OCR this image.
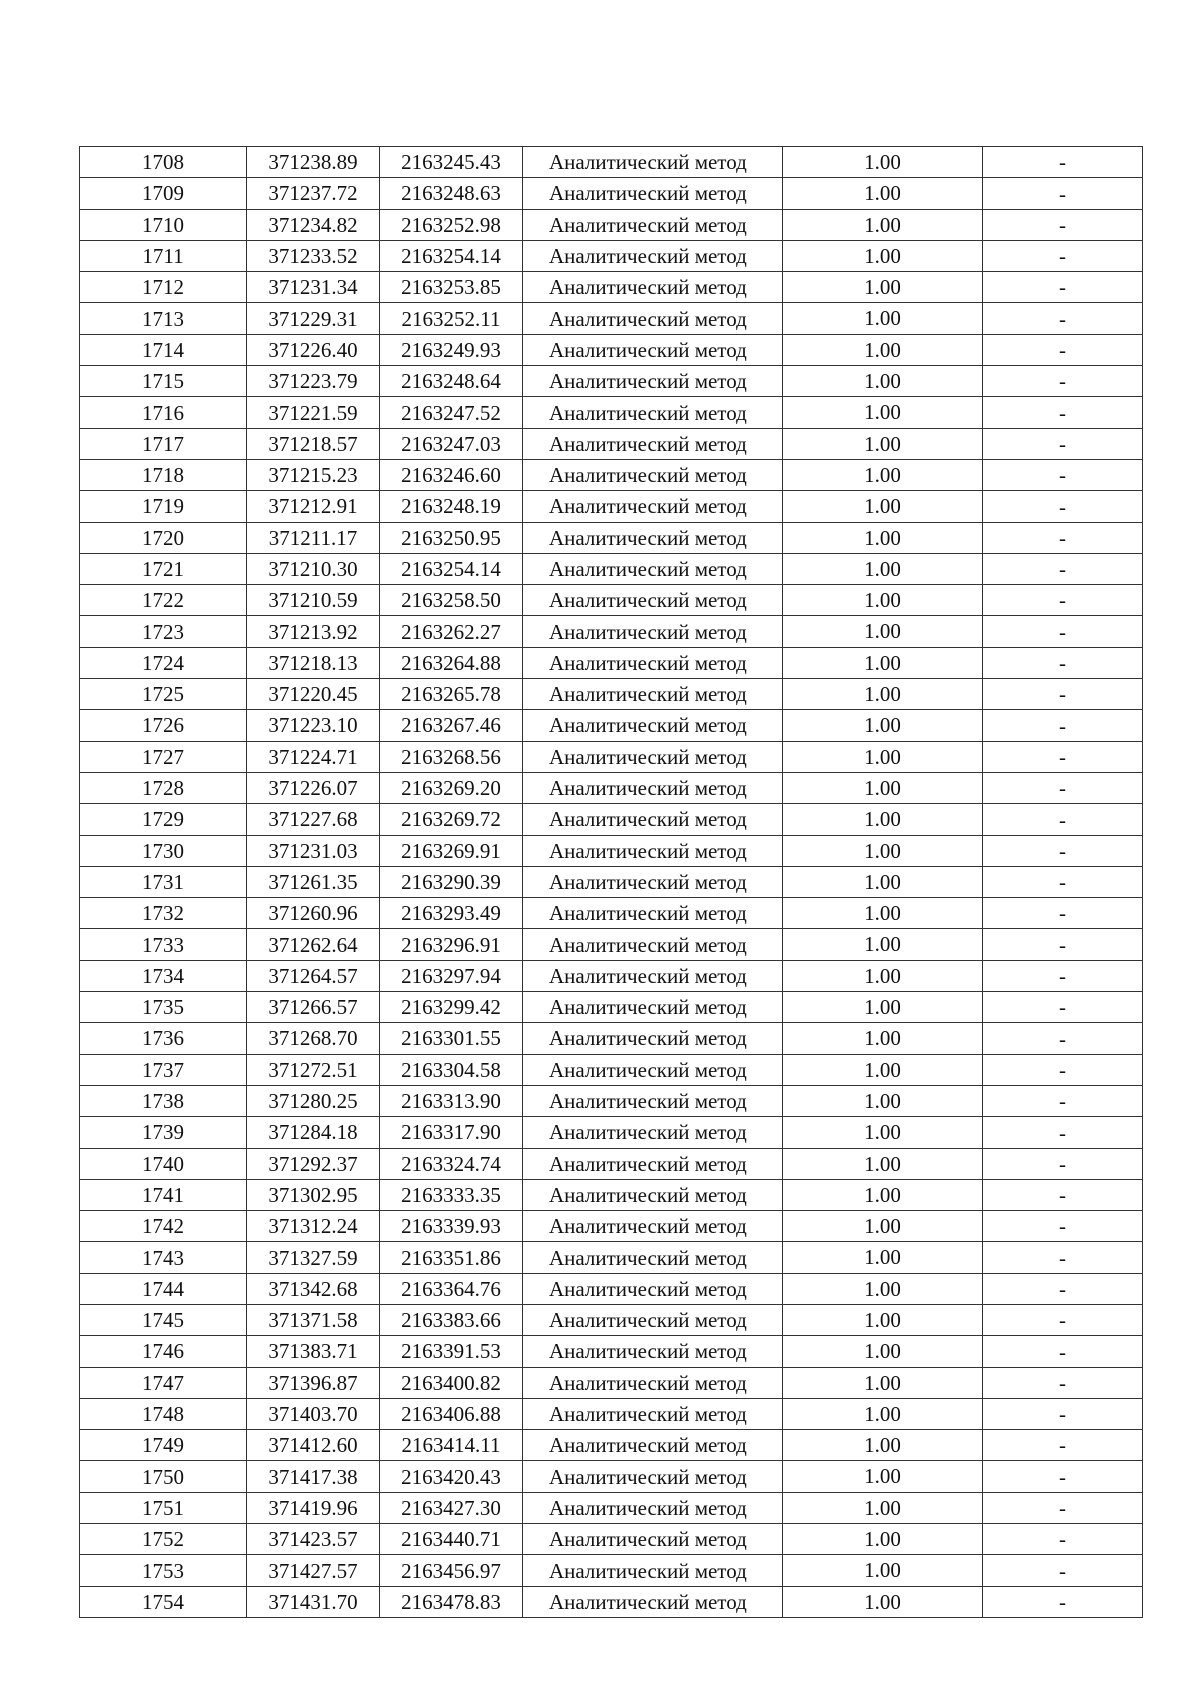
1708	371238.89	2163245.43	Аналитический метод	1.00	-
1709	371237.72	2163248.63	Аналитический метод	1.00	-
1710	371234.82	2163252.98	Аналитический метод	1.00	-
1711	371233.52	2163254.14	Аналитический метод	1.00	-
1712	371231.34	2163253.85	Аналитический метод	1.00	-
1713	371229.31	2163252.11	Аналитический метод	1.00	-
1714	371226.40	2163249.93	Аналитический метод	1.00	-
1715	371223.79	2163248.64	Аналитический метод	1.00	-
1716	371221.59	2163247.52	Аналитический метод	1.00	-
1717	371218.57	2163247.03	Аналитический метод	1.00	-
1718	371215.23	2163246.60	Аналитический метод	1.00	-
1719	371212.91	2163248.19	Аналитический метод	1.00	-
1720	371211.17	2163250.95	Аналитический метод	1.00	-
1721	371210.30	2163254.14	Аналитический метод	1.00	-
1722	371210.59	2163258.50	Аналитический метод	1.00	-
1723	371213.92	2163262.27	Аналитический метод	1.00	-
1724	371218.13	2163264.88	Аналитический метод	1.00	-
1725	371220.45	2163265.78	Аналитический метод	1.00	-
1726	371223.10	2163267.46	Аналитический метод	1.00	-
1727	371224.71	2163268.56	Аналитический метод	1.00	-
1728	371226.07	2163269.20	Аналитический метод	1.00	-
1729	371227.68	2163269.72	Аналитический метод	1.00	-
1730	371231.03	2163269.91	Аналитический метод	1.00	-
1731	371261.35	2163290.39	Аналитический метод	1.00	-
1732	371260.96	2163293.49	Аналитический метод	1.00	-
1733	371262.64	2163296.91	Аналитический метод	1.00	-
1734	371264.57	2163297.94	Аналитический метод	1.00	-
1735	371266.57	2163299.42	Аналитический метод	1.00	-
1736	371268.70	2163301.55	Аналитический метод	1.00	-
1737	371272.51	2163304.58	Аналитический метод	1.00	-
1738	371280.25	2163313.90	Аналитический метод	1.00	-
1739	371284.18	2163317.90	Аналитический метод	1.00	-
1740	371292.37	2163324.74	Аналитический метод	1.00	-
1741	371302.95	2163333.35	Аналитический метод	1.00	-
1742	371312.24	2163339.93	Аналитический метод	1.00	-
1743	371327.59	2163351.86	Аналитический метод	1.00	-
1744	371342.68	2163364.76	Аналитический метод	1.00	-
1745	371371.58	2163383.66	Аналитический метод	1.00	-
1746	371383.71	2163391.53	Аналитический метод	1.00	-
1747	371396.87	2163400.82	Аналитический метод	1.00	-
1748	371403.70	2163406.88	Аналитический метод	1.00	-
1749	371412.60	2163414.11	Аналитический метод	1.00	-
1750	371417.38	2163420.43	Аналитический метод	1.00	-
1751	371419.96	2163427.30	Аналитический метод	1.00	-
1752	371423.57	2163440.71	Аналитический метод	1.00	-
1753	371427.57	2163456.97	Аналитический метод	1.00	-
1754	371431.70	2163478.83	Аналитический метод	1.00	-
